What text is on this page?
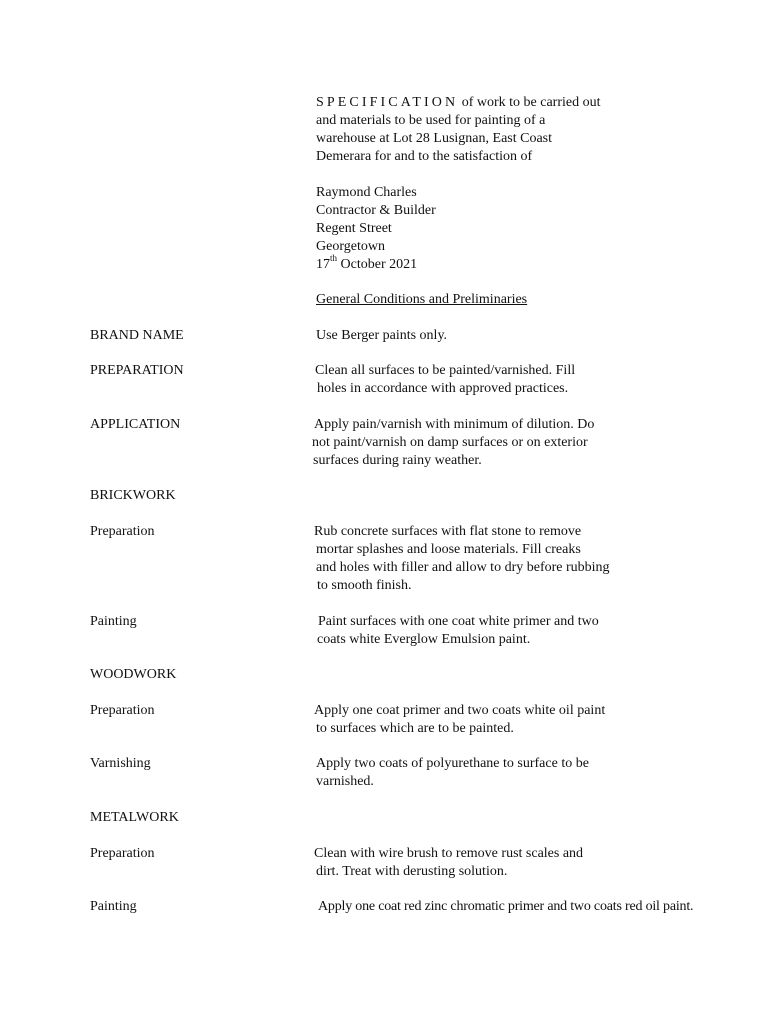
SPECIFICATION of work to be carried out
and materials to be used for painting of a
warehouse at Lot 28 Lusignan, East Coast
Demerara for and to the satisfaction of
Raymond Charles
Contractor & Builder
Regent Street
Georgetown
17th October 2021
General Conditions and Preliminaries
BRAND NAME	Use Berger paints only.
PREPARATION	Clean all surfaces to be painted/varnished. Fill
holes in accordance with approved practices.
APPLICATION	Apply pain/varnish with minimum of dilution. Do
not paint/varnish on damp surfaces or on exterior
surfaces during rainy weather.
BRICKWORK
Preparation	Rub concrete surfaces with flat stone to remove
mortar splashes and loose materials. Fill creaks
and holes with filler and allow to dry before rubbing
to smooth finish.
Painting	Paint surfaces with one coat white primer and two
coats white Everglow Emulsion paint.
WOODWORK
Preparation	Apply one coat primer and two coats white oil paint
to surfaces which are to be painted.
Varnishing	Apply two coats of polyurethane to surface to be
varnished.
METALWORK
Preparation	Clean with wire brush to remove rust scales and
dirt. Treat with derusting solution.
Painting	Apply one coat red zinc chromatic primer and two coats red oil paint.
